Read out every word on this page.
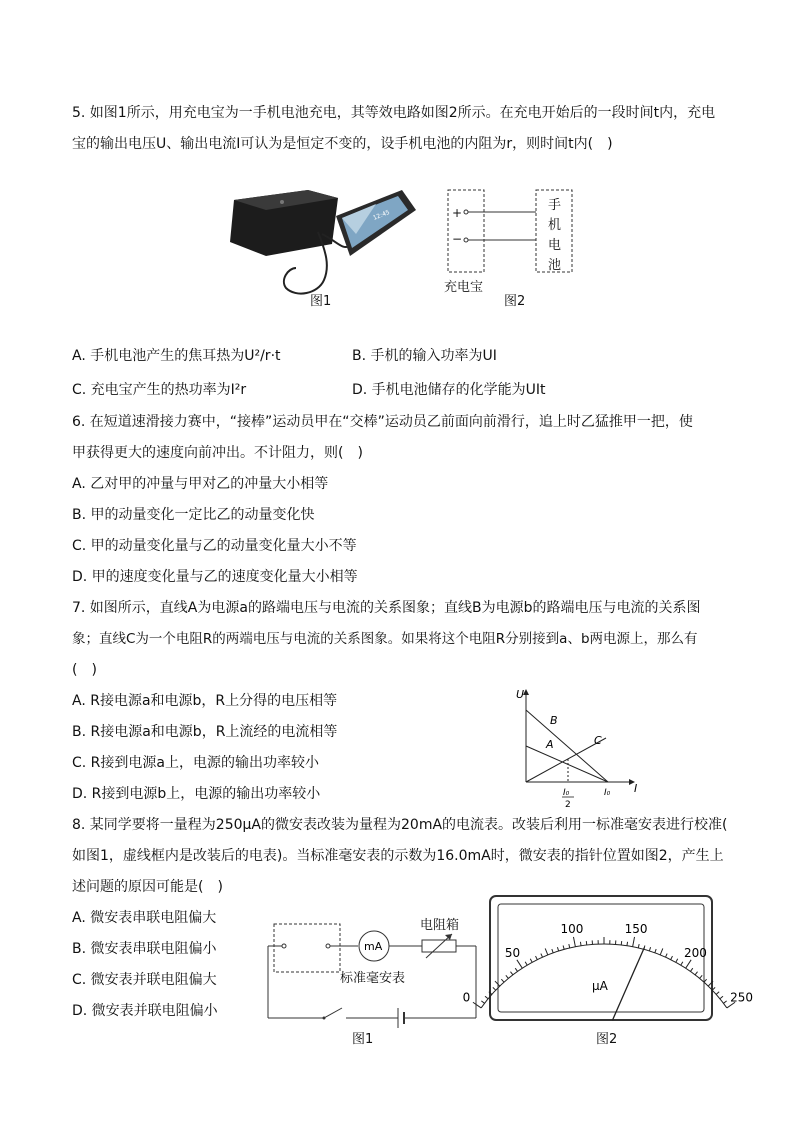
5. 如图1所示，用充电宝为一手机电池充电，其等效电路如图2所示。在充电开始后的一段时间t内，充电
宝的输出电压U、输出电流I可认为是恒定不变的，设手机电池的内阻为r，则时间t内(　)
12:45
图1
+
−
手
机
电
池
充电宝
图2
A. 手机电池产生的焦耳热为U²/r·t	B. 手机的输入功率为UI
C. 充电宝产生的热功率为I²r	D. 手机电池储存的化学能为UIt
6. 在短道速滑接力赛中，“接棒”运动员甲在“交棒”运动员乙前面向前滑行，追上时乙猛推甲一把，使
甲获得更大的速度向前冲出。不计阻力，则(　)
A. 乙对甲的冲量与甲对乙的冲量大小相等
B. 甲的动量变化一定比乙的动量变化快
C. 甲的动量变化量与乙的动量变化量大小不等
D. 甲的速度变化量与乙的速度变化量大小相等
7. 如图所示，直线A为电源a的路端电压与电流的关系图象；直线B为电源b的路端电压与电流的关系图
象；直线C为一个电阻R的两端电压与电流的关系图象。如果将这个电阻R分别接到a、b两电源上，那么有
(　)
A. R接电源a和电源b，R上分得的电压相等
B. R接电源a和电源b，R上流经的电流相等
C. R接到电源a上，电源的输出功率较小
D. R接到电源b上，电源的输出功率较小
U
I
B
A	C
I₀
I₀
2
8. 某同学要将一量程为250μA的微安表改装为量程为20mA的电流表。改装后利用一标准毫安表进行校准(
如图1，虚线框内是改装后的电表)。当标准毫安表的示数为16.0mA时，微安表的指针位置如图2，产生上
述问题的原因可能是(　)
A. 微安表串联电阻偏大
B. 微安表串联电阻偏小
C. 微安表并联电阻偏大
D. 微安表并联电阻偏小
mA
电阻箱
标准毫安表
图1
0
50
100	150
200
250
μA
图2
